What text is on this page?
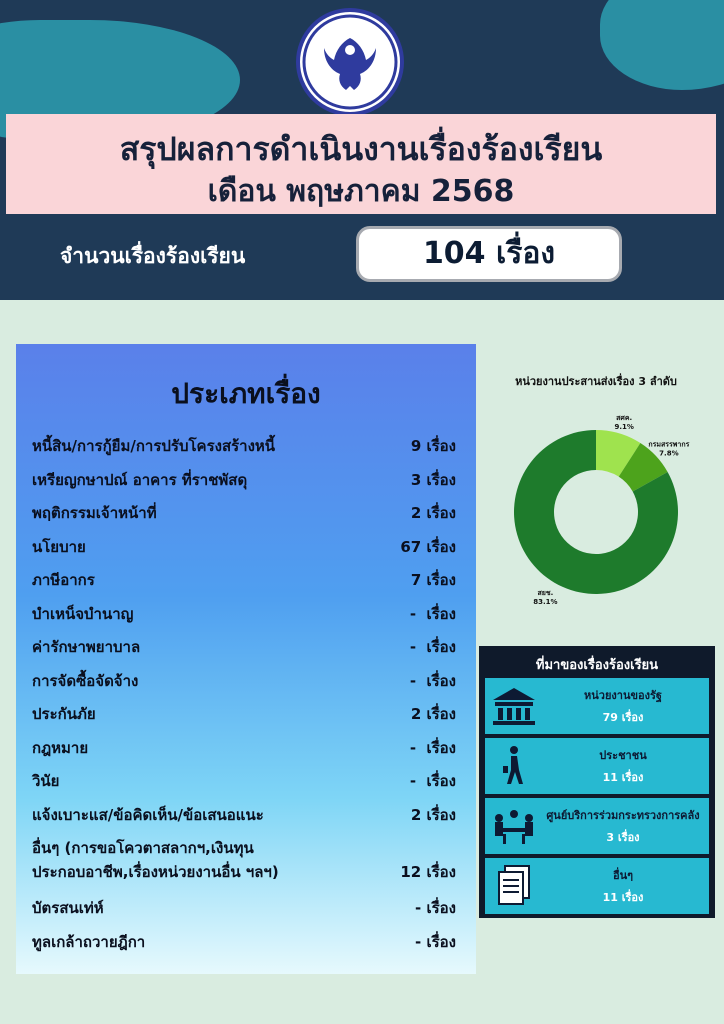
สรุปผลการดำเนินงานเรื่องร้องเรียน
เดือน พฤษภาคม 2568
จำนวนเรื่องร้องเรียน	104 เรื่อง
ประเภทเรื่อง
หนี้สิน/การกู้ยืม/การปรับโครงสร้างหนี้	9 เรื่อง
เหรียญกษาปณ์ อาคาร ที่ราชพัสดุ	3 เรื่อง
พฤติกรรมเจ้าหน้าที่	2 เรื่อง
นโยบาย	67 เรื่อง
ภาษีอากร	7 เรื่อง
บำเหน็จบำนาญ	-  เรื่อง
ค่ารักษาพยาบาล	-  เรื่อง
การจัดซื้อจัดจ้าง	-  เรื่อง
ประกันภัย	2 เรื่อง
กฎหมาย	-  เรื่อง
วินัย	-  เรื่อง
แจ้งเบาะแส/ข้อคิดเห็น/ข้อเสนอแนะ	2 เรื่อง
อื่นๆ (การขอโควตาสลากฯ,เงินทุน
ประกอบอาชีพ,เรื่องหน่วยงานอื่น ฯลฯ)	12 เรื่อง
บัตรสนเท่ห์	- เรื่อง
ทูลเกล้าถวายฎีกา	- เรื่อง
หน่วยงานประสานส่งเรื่อง 3 ลำดับ
สศค.
9.1%
กรมสรรพากร
7.8%
สยช.
83.1%
ที่มาของเรื่องร้องเรียน
หน่วยงานของรัฐ
79 เรื่อง
ประชาชน
11 เรื่อง
ศูนย์บริการร่วมกระทรวงการคลัง
3 เรื่อง
อื่นๆ
11 เรื่อง
